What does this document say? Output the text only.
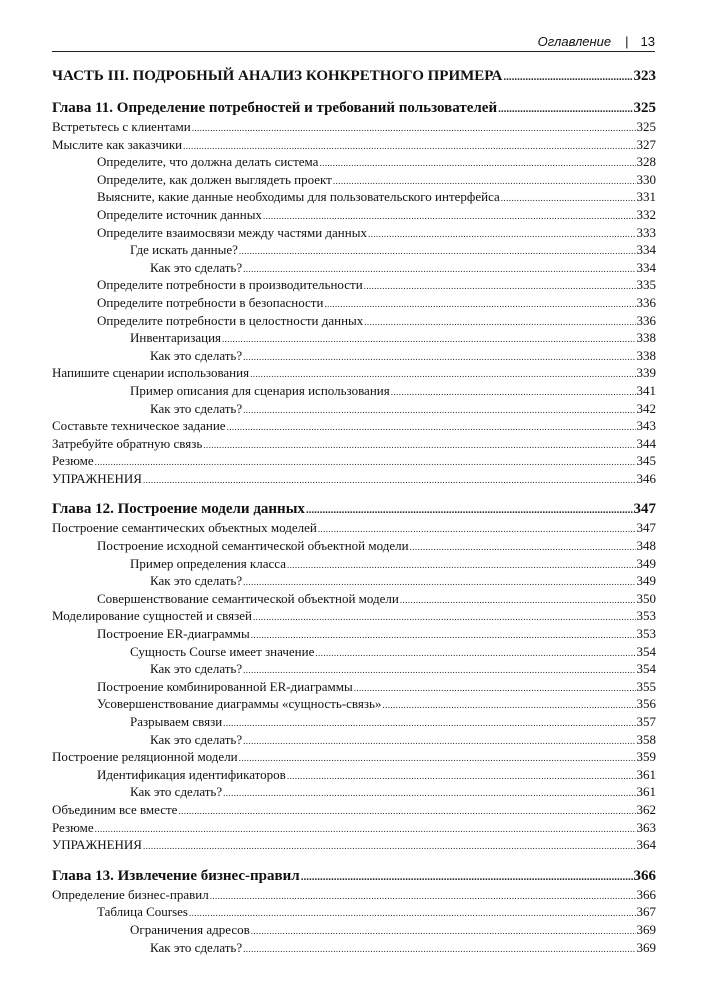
Оглавление | 13
ЧАСТЬ III. ПОДРОБНЫЙ АНАЛИЗ КОНКРЕТНОГО ПРИМЕРА .....	323
Глава 11. Определение потребностей и требований пользователей .....	325
Встретьтесь с клиентами .....	325
Мыслите как заказчики .....	327
Определите, что должна делать система .....	328
Определите, как должен выглядеть проект .....	330
Выясните, какие данные необходимы для пользовательского интерфейса .....	331
Определите источник данных .....	332
Определите взаимосвязи между частями данных .....	333
Где искать данные? .....	334
Как это сделать? .....	334
Определите потребности в производительности .....	335
Определите потребности в безопасности .....	336
Определите потребности в целостности данных .....	336
Инвентаризация .....	338
Как это сделать? .....	338
Напишите сценарии использования .....	339
Пример описания для сценария использования .....	341
Как это сделать? .....	342
Составьте техническое задание .....	343
Затребуйте обратную связь .....	344
Резюме .....	345
УПРАЖНЕНИЯ .....	346
Глава 12. Построение модели данных .....	347
Построение семантических объектных моделей .....	347
Построение исходной семантической объектной модели .....	348
Пример определения класса .....	349
Как это сделать? .....	349
Совершенствование семантической объектной модели .....	350
Моделирование сущностей и связей .....	353
Построение ER-диаграммы .....	353
Сущность Course имеет значение .....	354
Как это сделать? .....	354
Построение комбинированной ER-диаграммы .....	355
Усовершенствование диаграммы «сущность-связь» .....	356
Разрываем связи .....	357
Как это сделать? .....	358
Построение реляционной модели .....	359
Идентификация идентификаторов .....	361
Как это сделать? .....	361
Объединим все вместе .....	362
Резюме .....	363
УПРАЖНЕНИЯ .....	364
Глава 13. Извлечение бизнес-правил .....	366
Определение бизнес-правил .....	366
Таблица Courses .....	367
Ограничения адресов .....	369
Как это сделать? .....	369
